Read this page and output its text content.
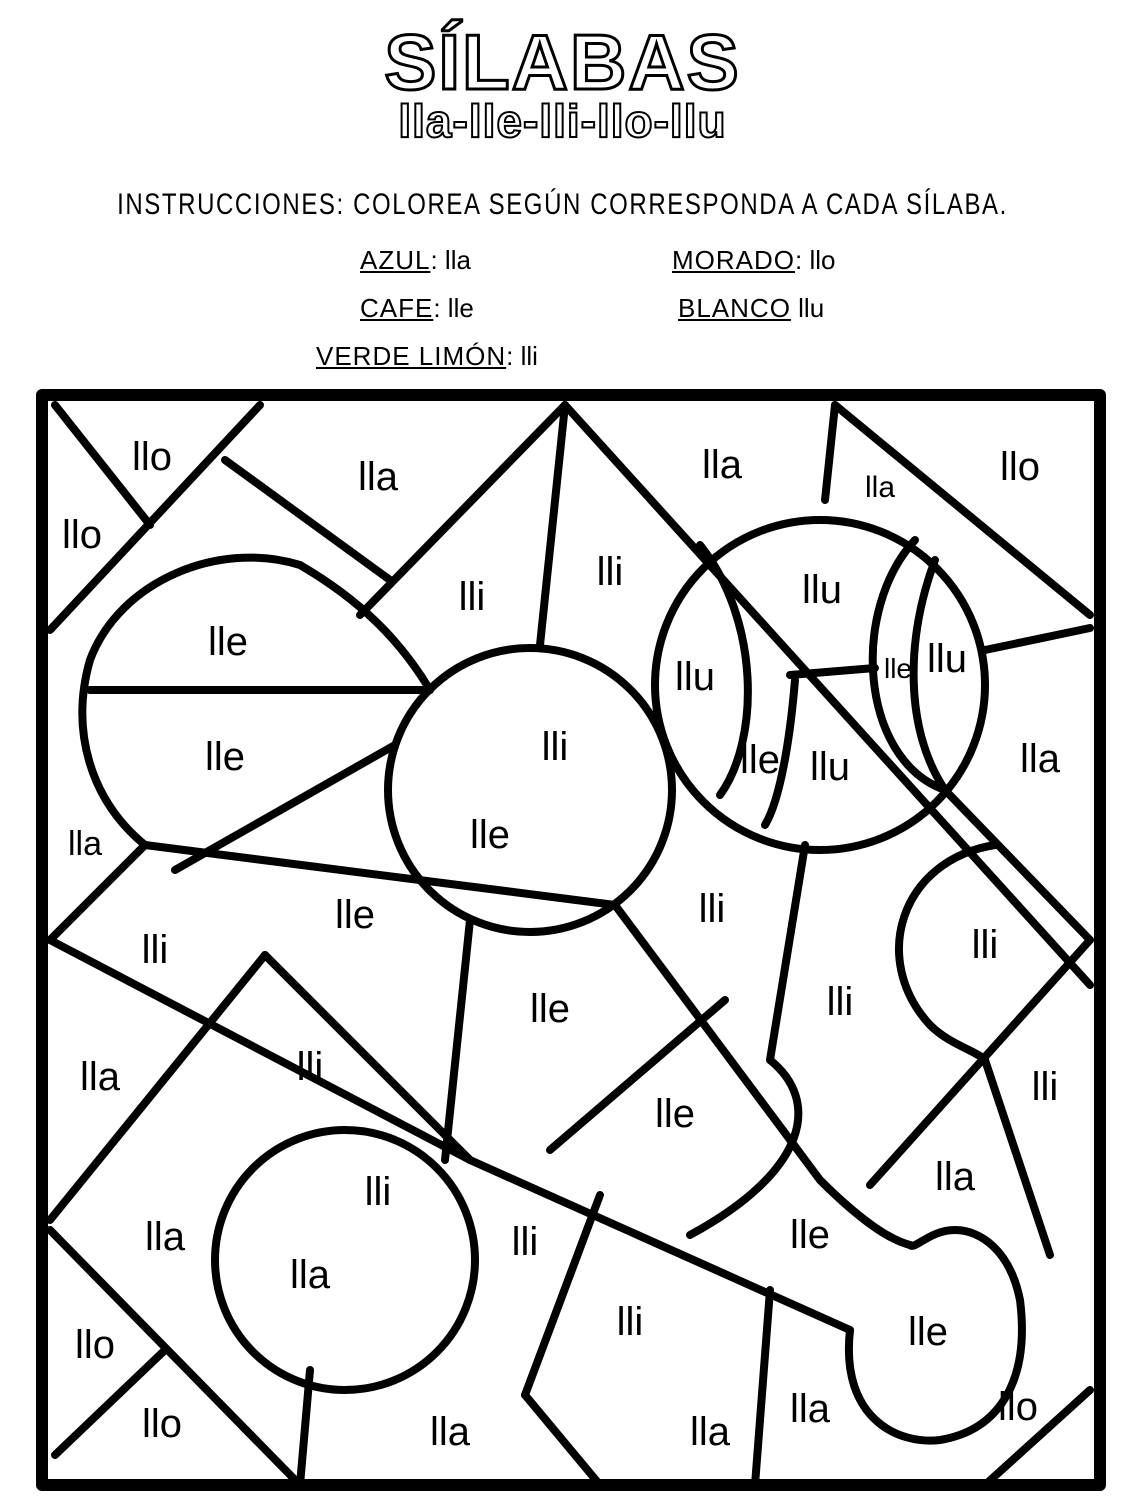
SÍLABAS
lla-lle-lli-llo-llu
INSTRUCCIONES: COLOREA SEGÚN CORRESPONDA A CADA SÍLABA.
AZUL: lla	MORADO: llo
CAFE: lle	BLANCO llu
VERDE LIMÓN: lli
llo
llo
lla	lla
lla	llo
lli
lli
lle
lle	lli
lle
llu
llu	lle llu
lle llu	lla
lla
lle	lli
lli
lli
lle	lli
lli
lla	lli
lle
lla
lli
lla
lla
lli
lli
lle
lle
llo
llo	lla	lla
lla	llo
